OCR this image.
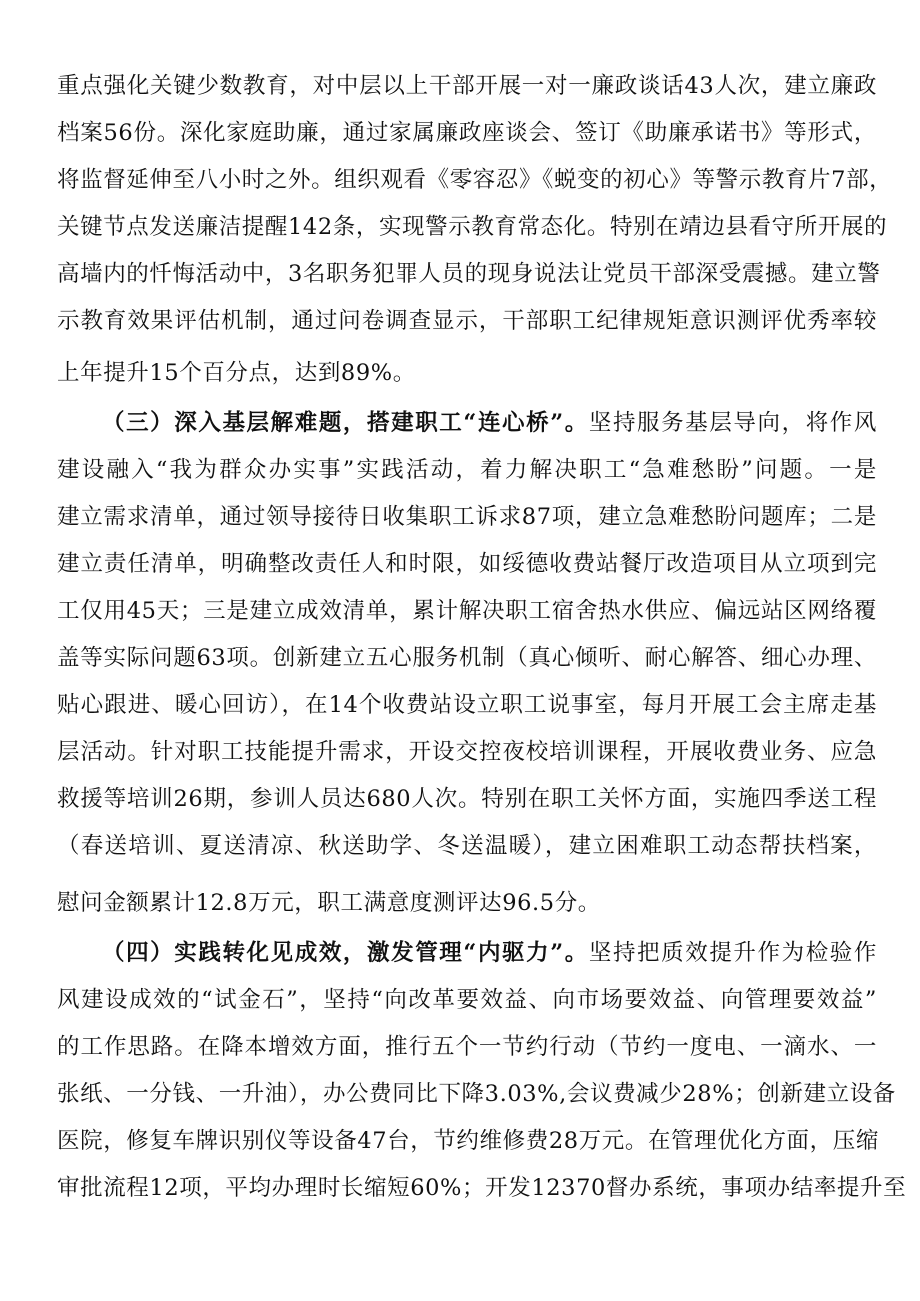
重点强化关键少数教育，对中层以上干部开展一对一廉政谈话43人次，建立廉政
档案56份。深化家庭助廉，通过家属廉政座谈会、签订《助廉承诺书》等形式，
将监督延伸至八小时之外。组织观看《零容忍》《蜕变的初心》等警示教育片7部，
关键节点发送廉洁提醒142条，实现警示教育常态化。特别在靖边县看守所开展的
高墙内的忏悔活动中，3名职务犯罪人员的现身说法让党员干部深受震撼。建立警
示教育效果评估机制，通过问卷调查显示，干部职工纪律规矩意识测评优秀率较
上年提升15个百分点，达到89%。
（三）深入基层解难题，搭建职工“连心桥”。坚持服务基层导向，将作风
建设融入“我为群众办实事”实践活动，着力解决职工“急难愁盼”问题。一是
建立需求清单，通过领导接待日收集职工诉求87项，建立急难愁盼问题库；二是
建立责任清单，明确整改责任人和时限，如绥德收费站餐厅改造项目从立项到完
工仅用45天；三是建立成效清单，累计解决职工宿舍热水供应、偏远站区网络覆
盖等实际问题63项。创新建立五心服务机制（真心倾听、耐心解答、细心办理、
贴心跟进、暖心回访），在14个收费站设立职工说事室，每月开展工会主席走基
层活动。针对职工技能提升需求，开设交控夜校培训课程，开展收费业务、应急
救援等培训26期，参训人员达680人次。特别在职工关怀方面，实施四季送工程
（春送培训、夏送清凉、秋送助学、冬送温暖），建立困难职工动态帮扶档案，
慰问金额累计12.8万元，职工满意度测评达96.5分。
（四）实践转化见成效，激发管理“内驱力”。坚持把质效提升作为检验作
风建设成效的“试金石”，坚持“向改革要效益、向市场要效益、向管理要效益”
的工作思路。在降本增效方面，推行五个一节约行动（节约一度电、一滴水、一
张纸、一分钱、一升油），办公费同比下降3.03%,会议费减少28%；创新建立设备
医院，修复车牌识别仪等设备47台，节约维修费28万元。在管理优化方面，压缩
审批流程12项，平均办理时长缩短60%；开发12370督办系统，事项办结率提升至
